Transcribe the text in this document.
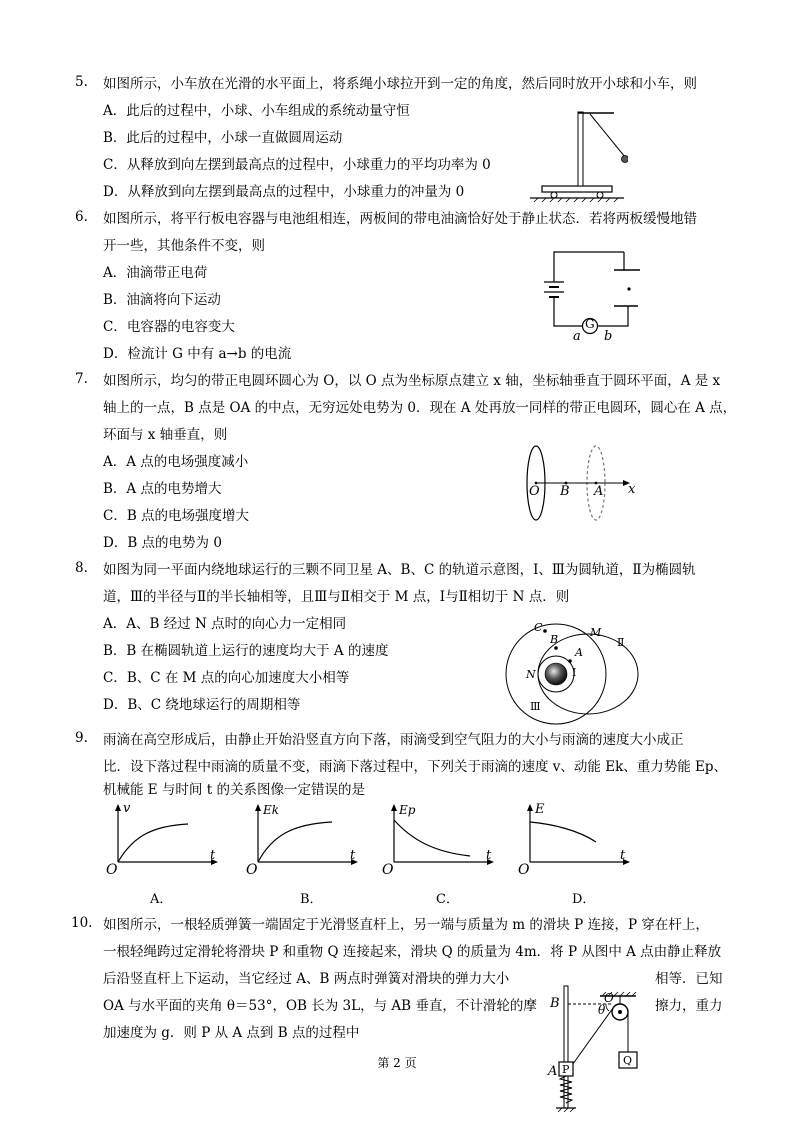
5. 如图所示，小车放在光滑的水平面上，将系绳小球拉开到一定的角度，然后同时放开小球和小车，则
A．此后的过程中，小球、小车组成的系统动量守恒
B．此后的过程中，小球一直做圆周运动
C．从释放到向左摆到最高点的过程中，小球重力的平均功率为 0
D．从释放到向左摆到最高点的过程中，小球重力的冲量为 0
6. 如图所示，将平行板电容器与电池组相连，两板间的带电油滴恰好处于静止状态．若将两板缓慢地错
开一些，其他条件不变，则
A．油滴带正电荷
B．油滴将向下运动
C．电容器的电容变大
D．检流计 G 中有 a→b 的电流
G
a b
7. 如图所示，均匀的带正电圆环圆心为 O，以 O 点为坐标原点建立 x 轴，坐标轴垂直于圆环平面，A 是 x
轴上的一点，B 点是 OA 的中点，无穷远处电势为 0．现在 A 处再放一同样的带正电圆环，圆心在 A 点，
环面与 x 轴垂直，则
A．A 点的电场强度减小
B．A 点的电势增大
C．B 点的电场强度增大
D．B 点的电势为 0
O B A x
8. 如图为同一平面内绕地球运行的三颗不同卫星 A、B、C 的轨道示意图，Ⅰ、Ⅲ为圆轨道，Ⅱ为椭圆轨
道，Ⅲ的半径与Ⅱ的半长轴相等，且Ⅲ与Ⅱ相交于 M 点，Ⅰ与Ⅱ相切于 N 点．则
A．A、B 经过 N 点时的向心力一定相同
B．B 在椭圆轨道上运行的速度均大于 A 的速度
C．B、C 在 M 点的向心加速度大小相等
D．B、C 绕地球运行的周期相等
C
B
A
M
N	Ⅰ
Ⅱ
Ⅲ
9. 雨滴在高空形成后，由静止开始沿竖直方向下落，雨滴受到空气阻力的大小与雨滴的速度大小成正
比．设下落过程中雨滴的质量不变，雨滴下落过程中，下列关于雨滴的速度 v、动能 Ek、重力势能 Ep、
机械能 E 与时间 t 的关系图像一定错误的是
v
t
O
A．
Ek
t
O
B．
Ep
t
O
C．
E
t
O
D．
10. 如图所示，一根轻质弹簧一端固定于光滑竖直杆上，另一端与质量为 m 的滑块 P 连接，P 穿在杆上，
一根轻绳跨过定滑轮将滑块 P 和重物 Q 连接起来，滑块 Q 的质量为 4m．将 P 从图中 A 点由静止释放
后沿竖直杆上下运动，当它经过 A、B 两点时弹簧对滑块的弹力大小	相等．已知
OA 与水平面的夹角 θ＝53°，OB 长为 3L，与 AB 垂直，不计滑轮的摩	擦力，重力
加速度为 g．则 P 从 A 点到 B 点的过程中
B	O
θ
A P
Q
第 2 页
